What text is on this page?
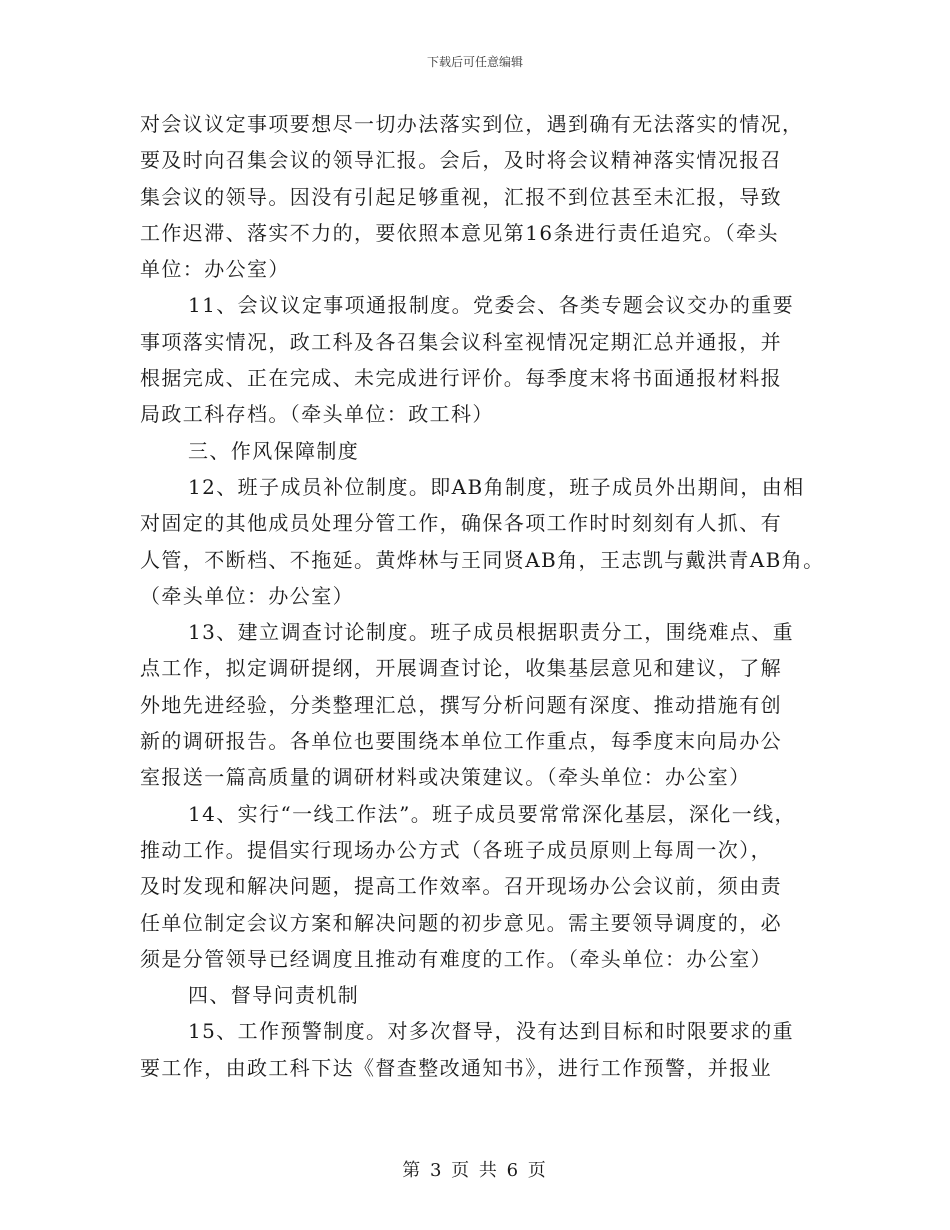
下载后可任意编辑
对会议议定事项要想尽一切办法落实到位，遇到确有无法落实的情况，
要及时向召集会议的领导汇报。会后，及时将会议精神落实情况报召
集会议的领导。因没有引起足够重视，汇报不到位甚至未汇报，导致
工作迟滞、落实不力的，要依照本意见第16条进行责任追究。（牵头
单位：办公室）
11、会议议定事项通报制度。党委会、各类专题会议交办的重要
事项落实情况，政工科及各召集会议科室视情况定期汇总并通报，并
根据完成、正在完成、未完成进行评价。每季度末将书面通报材料报
局政工科存档。（牵头单位：政工科）
三、作风保障制度
12、班子成员补位制度。即AB角制度，班子成员外出期间，由相
对固定的其他成员处理分管工作，确保各项工作时时刻刻有人抓、有
人管，不断档、不拖延。黄烨林与王同贤AB角，王志凯与戴洪青AB角。
（牵头单位：办公室）
13、建立调查讨论制度。班子成员根据职责分工，围绕难点、重
点工作，拟定调研提纲，开展调查讨论，收集基层意见和建议，了解
外地先进经验，分类整理汇总，撰写分析问题有深度、推动措施有创
新的调研报告。各单位也要围绕本单位工作重点，每季度末向局办公
室报送一篇高质量的调研材料或决策建议。（牵头单位：办公室）
14、实行“一线工作法”。班子成员要常常深化基层，深化一线，
推动工作。提倡实行现场办公方式（各班子成员原则上每周一次），
及时发现和解决问题，提高工作效率。召开现场办公会议前，须由责
任单位制定会议方案和解决问题的初步意见。需主要领导调度的，必
须是分管领导已经调度且推动有难度的工作。（牵头单位：办公室）
四、督导问责机制
15、工作预警制度。对多次督导，没有达到目标和时限要求的重
要工作，由政工科下达《督查整改通知书》，进行工作预警，并报业
第 3 页 共 6 页
